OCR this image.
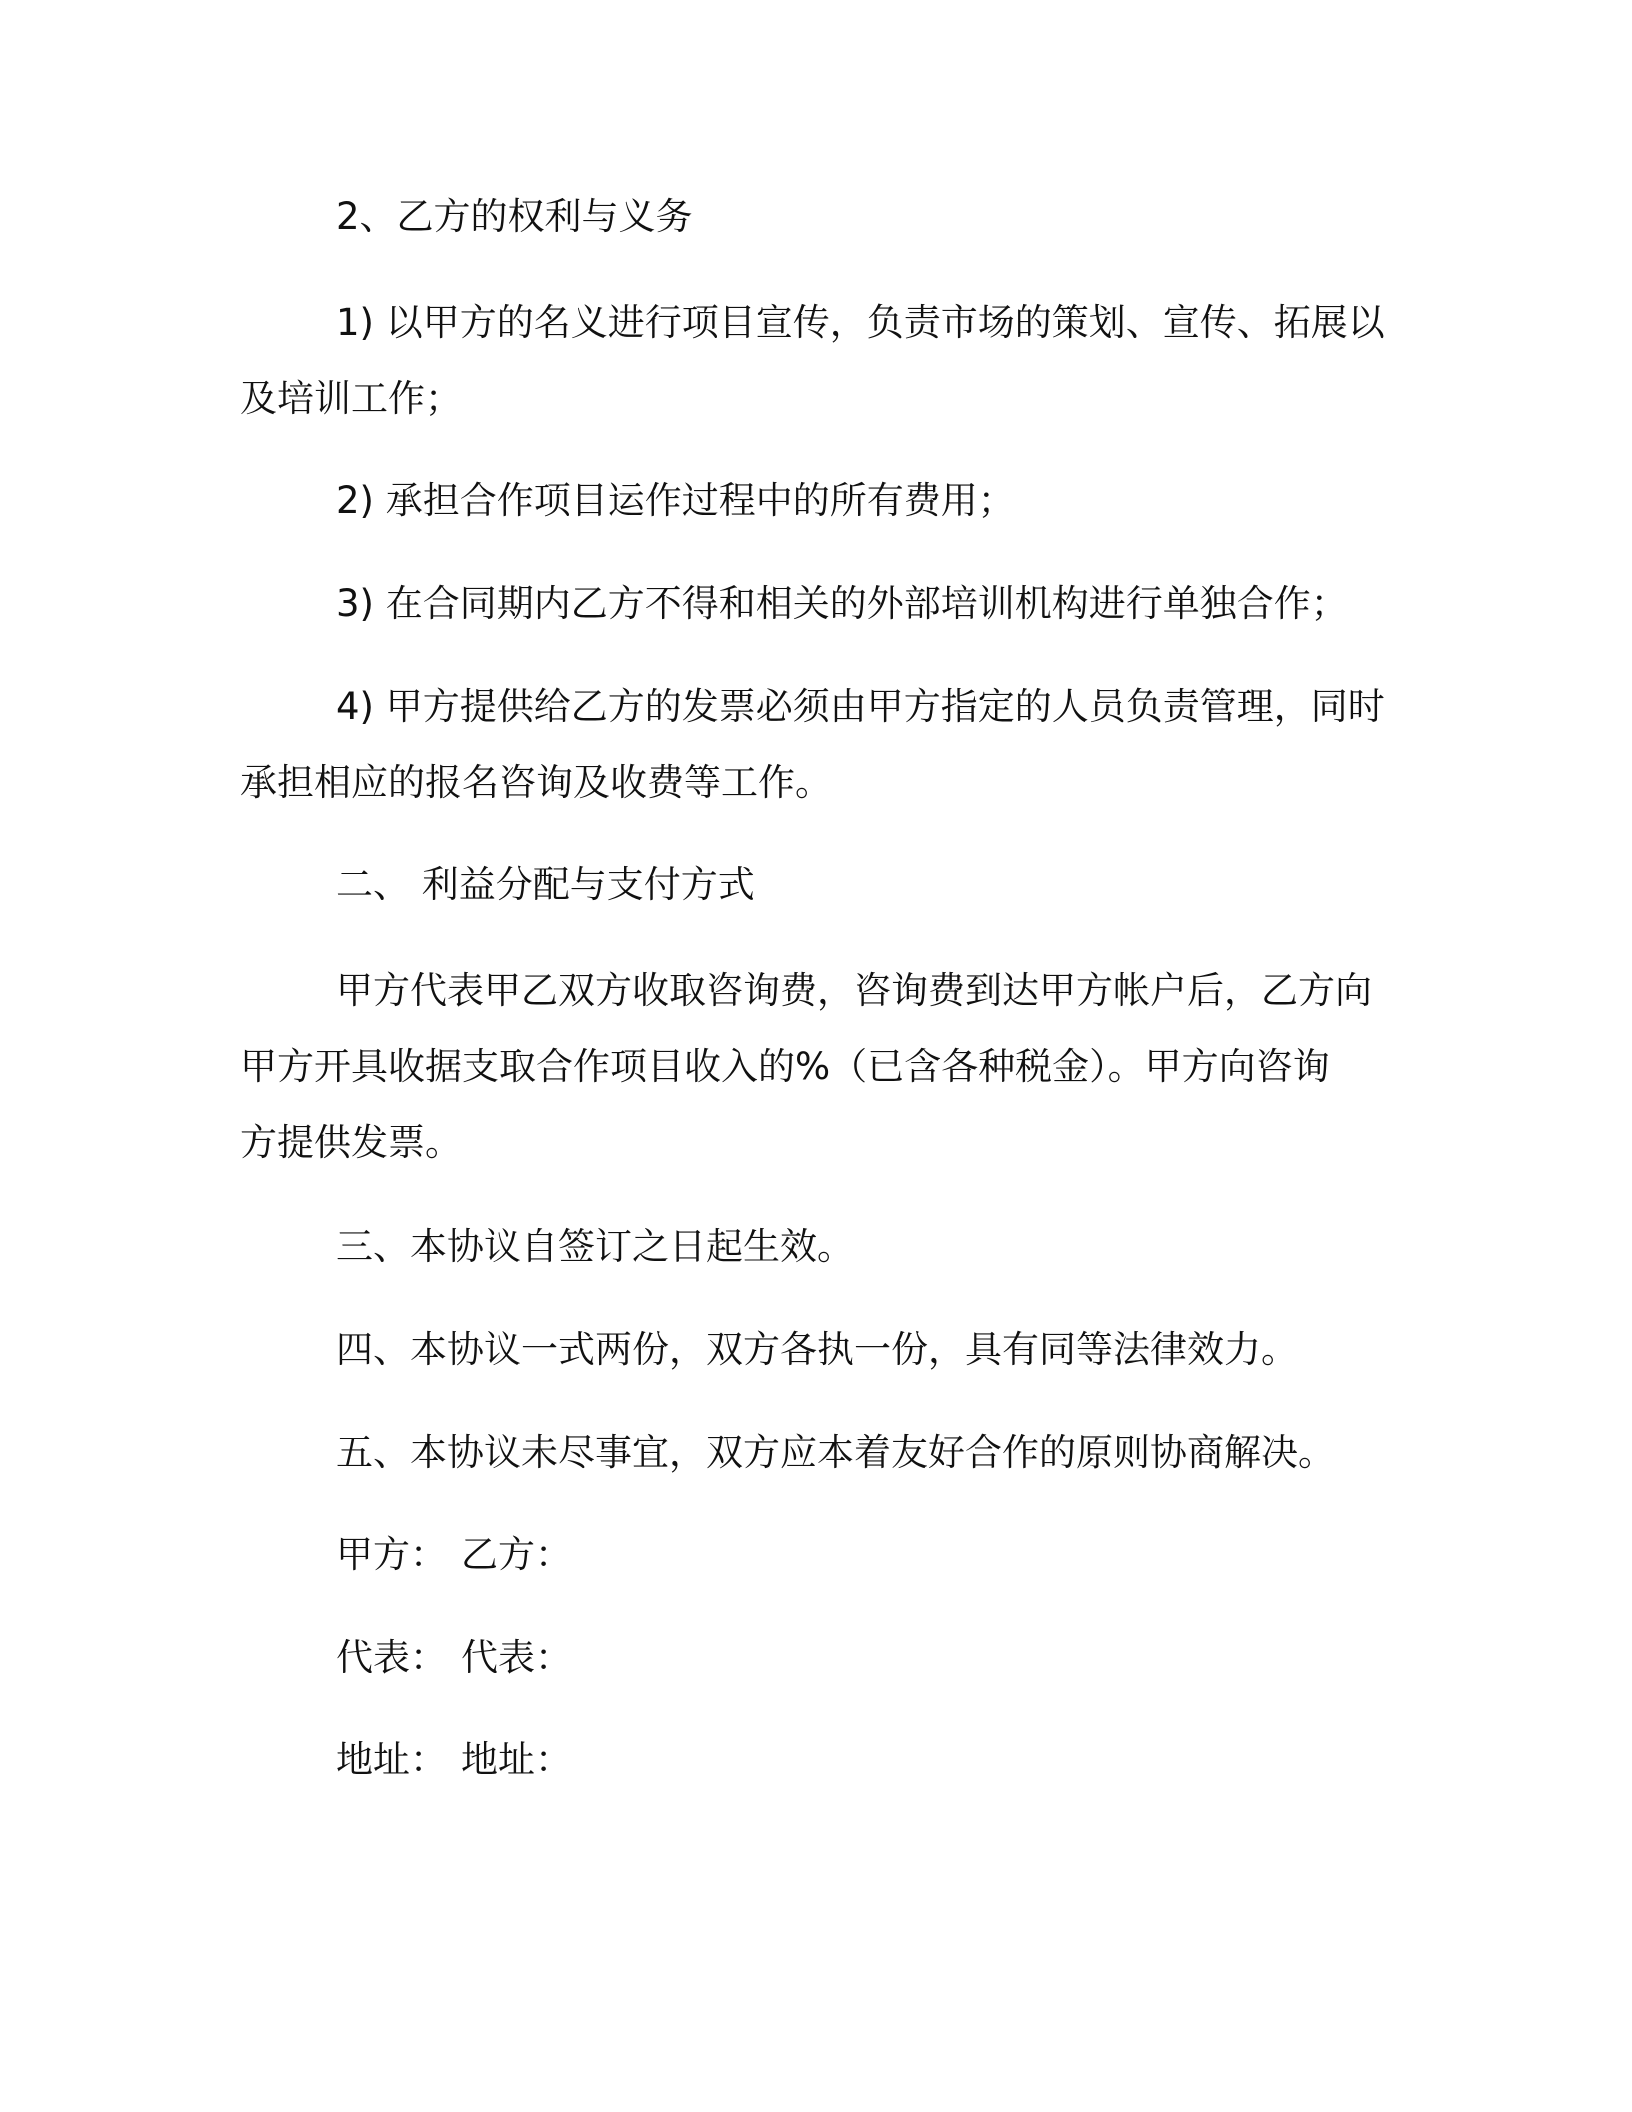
2、乙方的权利与义务

1) 以甲方的名义进行项目宣传，负责市场的策划、宣传、拓展以

及培训工作；

2) 承担合作项目运作过程中的所有费用；

3) 在合同期内乙方不得和相关的外部培训机构进行单独合作；

4) 甲方提供给乙方的发票必须由甲方指定的人员负责管理，同时

承担相应的报名咨询及收费等工作。

二、 利益分配与支付方式

甲方代表甲乙双方收取咨询费，咨询费到达甲方帐户后，乙方向

甲方开具收据支取合作项目收入的%（已含各种税金）。甲方向咨询

方提供发票。

三、本协议自签订之日起生效。

四、本协议一式两份，双方各执一份，具有同等法律效力。

五、本协议未尽事宜，双方应本着友好合作的原则协商解决。

甲方： 乙方：
代表： 代表：
地址： 地址：
